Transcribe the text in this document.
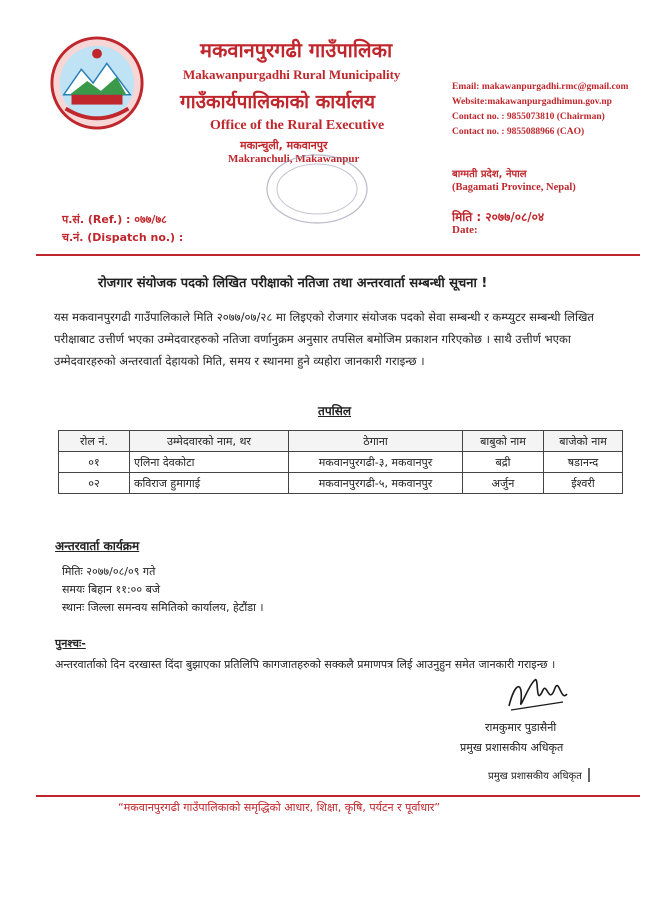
मकवानपुरगढी गाउँपालिका
Makawanpurgadhi Rural Municipality
गाउँकार्यपालिकाको कार्यालय
Office of the Rural Executive
मकान्चुली, मकवानपुर
Makranchuli, Makawanpur
Email: makawanpurgadhi.rmc@gmail.com
Website:makawanpurgadhimun.gov.np
Contact no. : 9855073810 (Chairman)
Contact no. : 9855088966 (CAO)
बाग्मती प्रदेश, नेपाल
(Bagamati Province, Nepal)
मिति : २०७७/०८/०४
Date:
प.सं. (Ref.) : ०७७/७८
च.नं. (Dispatch no.) :
रोजगार संयोजक पदको लिखित परीक्षाको नतिजा तथा अन्तरवार्ता सम्बन्धी सूचना !
यस मकवानपुरगढी गाउँपालिकाले मिति २०७७/०७/२८ मा लिइएको रोजगार संयोजक पदको सेवा सम्बन्धी र कम्प्युटर सम्बन्धी लिखित परीक्षाबाट उत्तीर्ण भएका उम्मेदवारहरुको नतिजा वर्णानुक्रम अनुसार तपसिल बमोजिम प्रकाशन गरिएकोछ । साथै उत्तीर्ण भएका उम्मेदवारहरुको अन्तरवार्ता देहायको मिति, समय र स्थानमा हुने व्यहोरा जानकारी गराइन्छ ।
तपसिल
रोल नं.	उम्मेदवारको नाम, थर	ठेगाना	बाबुको नाम	बाजेको नाम
०१	एलिना देवकोटा	मकवानपुरगढी-३, मकवानपुर	बद्री	षडानन्द
०२	कविराज हुमागाई	मकवानपुरगढी-५, मकवानपुर	अर्जुन	ईश्वरी
अन्तरवार्ता कार्यक्रम
मितिः २०७७/०८/०९ गते
समयः बिहान ११:०० बजे
स्थानः जिल्ला समन्वय समितिको कार्यालय, हेटौंडा ।
पुनश्चः-
अन्तरवार्ताको दिन दरखास्त दिंदा बुझाएका प्रतिलिपि कागजातहरुको सक्कलै प्रमाणपत्र लिई आउनुहुन समेत जानकारी गराइन्छ ।
रामकुमार पुडासैनी
प्रमुख प्रशासकीय अधिकृत
प्रमुख प्रशासकीय अधिकृत
“मकवानपुरगढी गाउँपालिकाको समृद्धिको आधार, शिक्षा, कृषि, पर्यटन र पूर्वाधार”
